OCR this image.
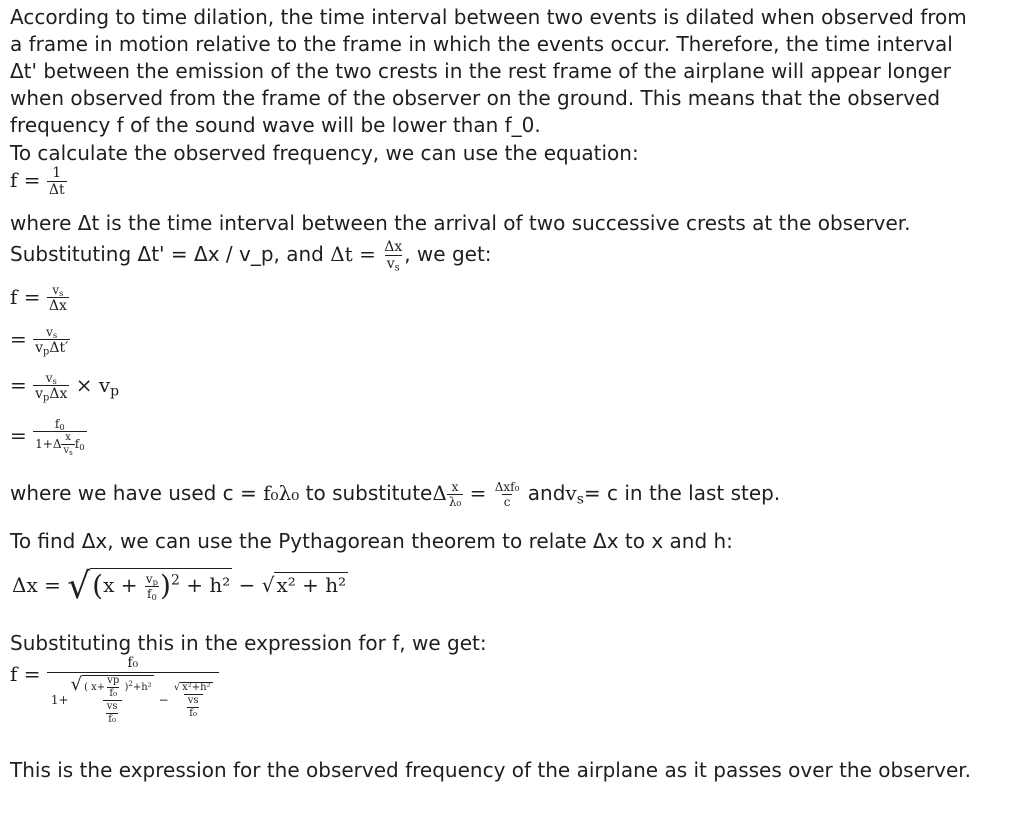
According to time dilation, the time interval between two events is dilated when observed from
a frame in motion relative to the frame in which the events occur. Therefore, the time interval
Δt' between the emission of the two crests in the rest frame of the airplane will appear longer
when observed from the frame of the observer on the ground. This means that the observed
frequency f of the sound wave will be lower than f_0.
To calculate the observed frequency, we can use the equation:
$f = \frac{1}{\Delta t}$
where Δt is the time interval between the arrival of two successive crests at the observer.
Substituting Δt' = Δx / v_p, and $\Delta t = \frac{\Delta x}{v_s}$ , we get:
$f = \frac{v_s}{\Delta x}$
= $\frac{v_s}{v_p\Delta t'}$
= $\frac{v_s}{v_p\Delta x} \times v_p$
= $\frac{f_0}{1+\Delta \frac{x}{v_s} f_0}$
where we have used c = f₀λ₀ to substituteΔ $\frac{x}{\text{λ₀}} = \frac{\text{Δxf₀}}{c}$ andv$_s$= c in the last step.
To find Δx, we can use the Pythagorean theorem to relate Δx to x and h:
$\Delta x = √(x + \frac{v_p}{f_0} )^2 + h^2$ − √ x² + h²
Substituting this in the expression for f, we get:
f =	f₀
$1+ \frac{√ ( x+ \frac{vp}{\text{f₀}} )^2+h^2}{\frac{vs}{\text{f₀}}} - \frac{\text{√ x²+h²}}{\frac{vs}{\text{f₀}}}$
This is the expression for the observed frequency of the airplane as it passes over the observer.
